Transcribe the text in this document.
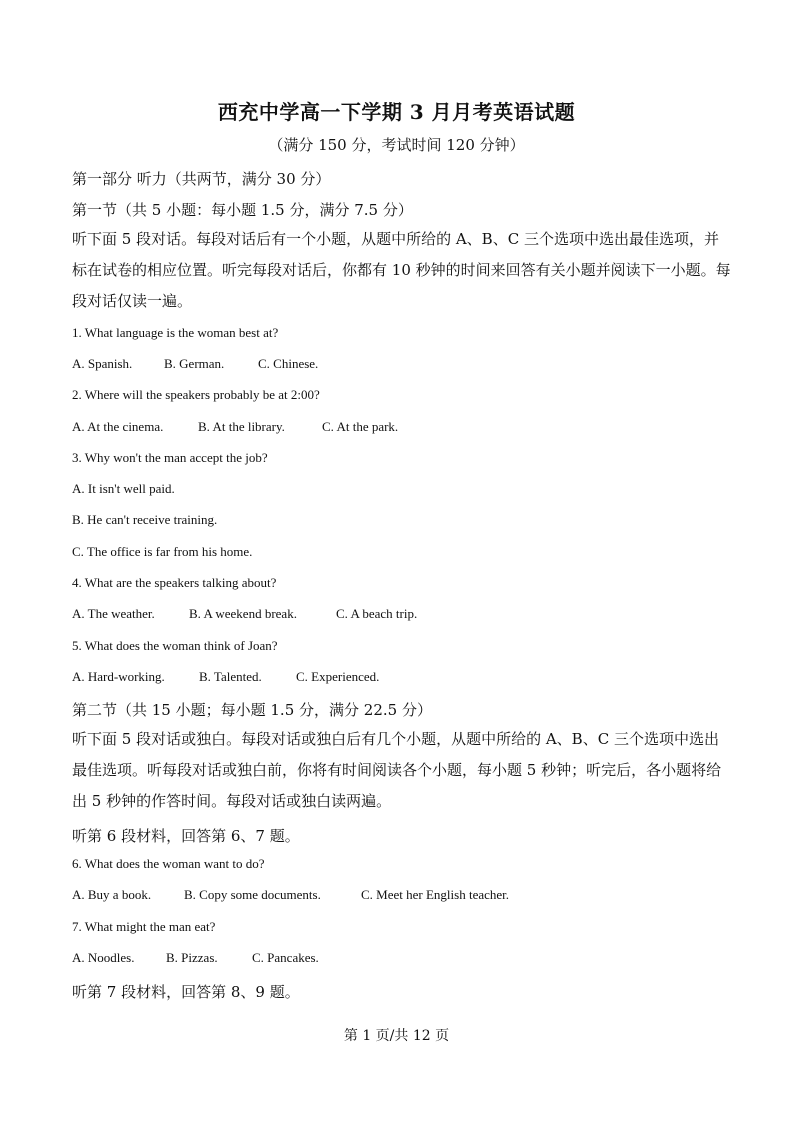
西充中学高一下学期 3 月月考英语试题
（满分 150 分，考试时间 120 分钟）
第一部分 听力（共两节，满分 30 分）
第一节（共 5 小题：每小题 1.5 分，满分 7.5 分）
听下面 5 段对话。每段对话后有一个小题，从题中所给的 A、B、C 三个选项中选出最佳选项，并标在试卷的相应位置。听完每段对话后，你都有 10 秒钟的时间来回答有关小题并阅读下一小题。每段对话仅读一遍。
1. What language is the woman best at?
A. Spanish. B. German.	C. Chinese.
2. Where will the speakers probably be at 2:00?
A. At the cinema.	B. At the library.	C. At the park.
3. Why won't the man accept the job?
A. It isn't well paid.
B. He can't receive training.
C. The office is far from his home.
4. What are the speakers talking about?
A. The weather.	B. A weekend break.	C. A beach trip.
5. What does the woman think of Joan?
A. Hard-working.	B. Talented.	C. Experienced.
第二节（共 15 小题；每小题 1.5 分，满分 22.5 分）
听下面 5 段对话或独白。每段对话或独白后有几个小题，从题中所给的 A、B、C 三个选项中选出最佳选项。听每段对话或独白前，你将有时间阅读各个小题，每小题 5 秒钟；听完后，各小题将给出 5 秒钟的作答时间。每段对话或独白读两遍。
听第 6 段材料，回答第 6、7 题。
6. What does the woman want to do?
A. Buy a book.	B. Copy some documents.	C. Meet her English teacher.
7. What might the man eat?
A. Noodles. B. Pizzas.	C. Pancakes.
听第 7 段材料，回答第 8、9 题。
第 1 页/共 12 页
